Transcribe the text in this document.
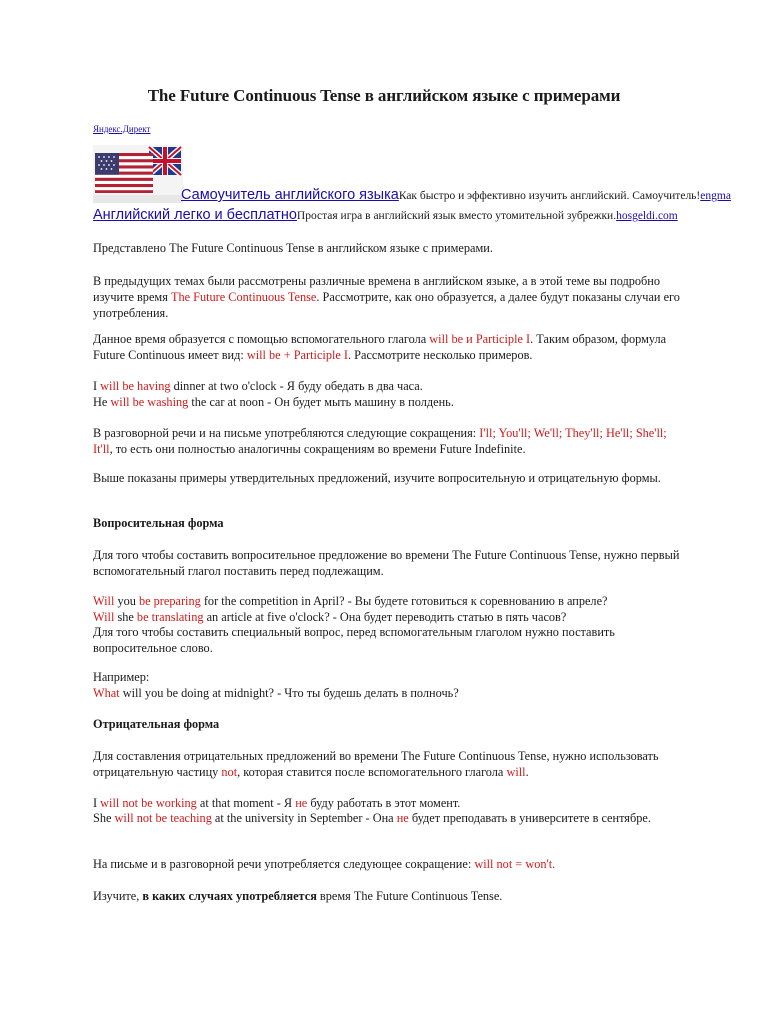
The Future Continuous Tense в английском языке с примерами
Яндекс.Директ
Самоучитель английского языкаКак быстро и эффективно изучить английский. Самоучитель!engma
Английский легко и бесплатноПростая игра в английский язык вместо утомительной зубрежки.hosgeldi.com

Представлено The Future Continuous Tense в английском языке с примерами.

В предыдущих темах были рассмотрены различные времена в английском языке, а в этой теме вы подробно изучите время The Future Continuous Tense. Рассмотрите, как оно образуется, а далее будут показаны случаи его употребления.

Данное время образуется с помощью вспомогательного глагола will be и Participle I. Таким образом, формула Future Continuous имеет вид: will be + Participle I. Рассмотрите несколько примеров.

I will be having dinner at two o'clock - Я буду обедать в два часа.

He will be washing the car at noon - Он будет мыть машину в полдень.

В разговорной речи и на письме употребляются следующие сокращения: I'll; You'll; We'll; They'll; He'll; She'll; It'll, то есть они полностью аналогичны сокращениям во времени Future Indefinite.

Выше показаны примеры утвердительных предложений, изучите вопросительную и отрицательную формы.

Вопросительная форма

Для того чтобы составить вопросительное предложение во времени The Future Continuous Tense, нужно первый вспомогательный глагол поставить перед подлежащим.

Will you be preparing for the competition in April? - Вы будете готовиться к соревнованию в апреле?

Will she be translating an article at five o'clock? - Она будет переводить статью в пять часов?

Для того чтобы составить специальный вопрос, перед вспомогательным глаголом нужно поставить вопросительное слово.

Например:

What will you be doing at midnight? - Что ты будешь делать в полночь?

Отрицательная форма

Для составления отрицательных предложений во времени The Future Continuous Tense, нужно использовать отрицательную частицу not, которая ставится после вспомогательного глагола will.

I will not be working at that moment - Я не буду работать в этот момент.

She will not be teaching at the university in September - Она не будет преподавать в университете в сентябре.

На письме и в разговорной речи употребляется следующее сокращение: will not = won't.

Изучите, в каких случаях употребляется время The Future Continuous Tense.
